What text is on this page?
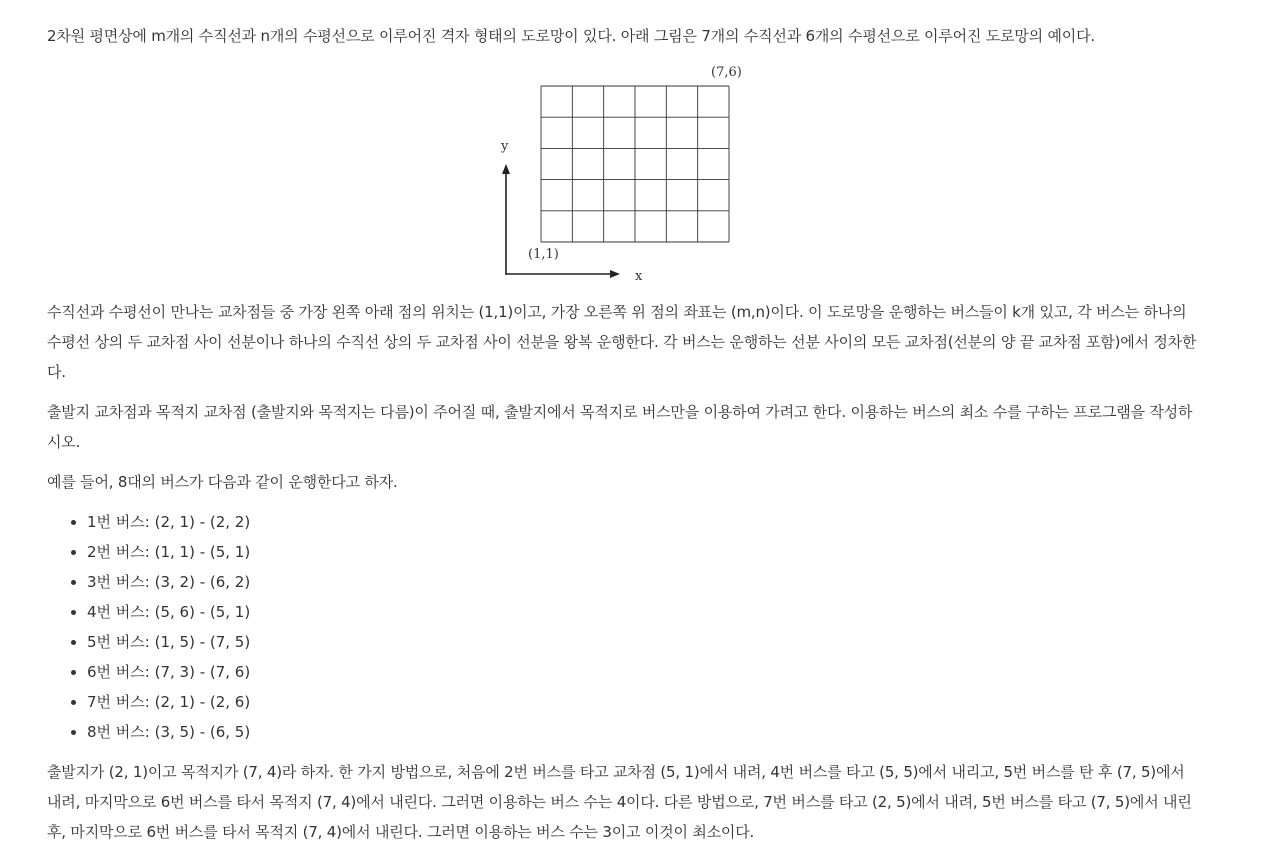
2차원 평면상에 m개의 수직선과 n개의 수평선으로 이루어진 격자 형태의 도로망이 있다. 아래 그림은 7개의 수직선과 6개의 수평선으로 이루어진 도로망의 예이다.

y
x
(1,1)
(7,6)

수직선과 수평선이 만나는 교차점들 중 가장 왼쪽 아래 점의 위치는 (1,1)이고, 가장 오른쪽 위 점의 좌표는 (m,n)이다. 이 도로망을 운행하는 버스들이 k개 있고, 각 버스는 하나의 수평선 상의 두 교차점 사이 선분이나 하나의 수직선 상의 두 교차점 사이 선분을 왕복 운행한다. 각 버스는 운행하는 선분 사이의 모든 교차점(선분의 양 끝 교차점 포함)에서 정차한다.

출발지 교차점과 목적지 교차점 (출발지와 목적지는 다름)이 주어질 때, 출발지에서 목적지로 버스만을 이용하여 가려고 한다. 이용하는 버스의 최소 수를 구하는 프로그램을 작성하시오.

예를 들어, 8대의 버스가 다음과 같이 운행한다고 하자.

• 1번 버스: (2, 1) - (2, 2)
• 2번 버스: (1, 1) - (5, 1)
• 3번 버스: (3, 2) - (6, 2)
• 4번 버스: (5, 6) - (5, 1)
• 5번 버스: (1, 5) - (7, 5)
• 6번 버스: (7, 3) - (7, 6)
• 7번 버스: (2, 1) - (2, 6)
• 8번 버스: (3, 5) - (6, 5)

출발지가 (2, 1)이고 목적지가 (7, 4)라 하자. 한 가지 방법으로, 처음에 2번 버스를 타고 교차점 (5, 1)에서 내려, 4번 버스를 타고 (5, 5)에서 내리고, 5번 버스를 탄 후 (7, 5)에서 내려, 마지막으로 6번 버스를 타서 목적지 (7, 4)에서 내린다. 그러면 이용하는 버스 수는 4이다. 다른 방법으로, 7번 버스를 타고 (2, 5)에서 내려, 5번 버스를 타고 (7, 5)에서 내린 후, 마지막으로 6번 버스를 타서 목적지 (7, 4)에서 내린다. 그러면 이용하는 버스 수는 3이고 이것이 최소이다.
